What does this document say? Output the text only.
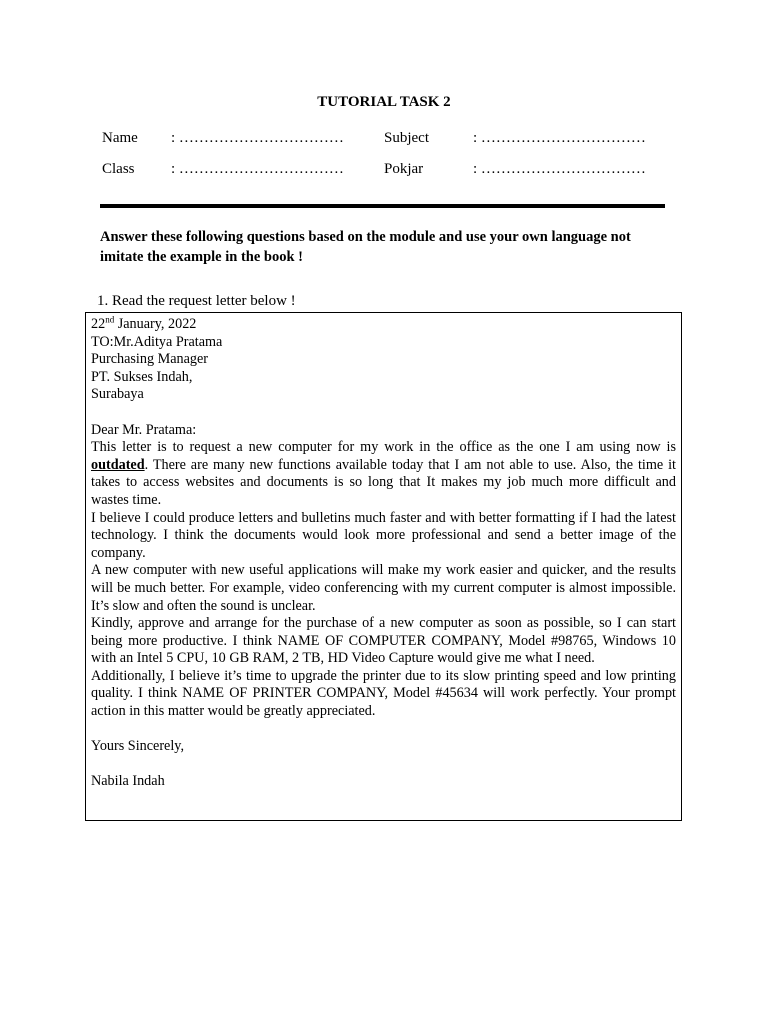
TUTORIAL TASK 2
Name : ……………………………	Subject	: ……………………………
Class : ……………………………	Pokjar	: ……………………………
Answer these following questions based on the module and use your own language not imitate the example in the book !
1. Read the request letter below !

22nd January, 2022

TO:Mr.Aditya Pratama

Purchasing Manager

PT. Sukses Indah,

Surabaya

Dear Mr. Pratama:

This letter is to request a new computer for my work in the office as the one I am using now is outdated. There are many new functions available today that I am not able to use. Also, the time it takes to access websites and documents is so long that It makes my job much more difficult and wastes time.

I believe I could produce letters and bulletins much faster and with better formatting if I had the latest technology. I think the documents would look more professional and send a better image of the company.

A new computer with new useful applications will make my work easier and quicker, and the results will be much better. For example, video conferencing with my current computer is almost impossible. It’s slow and often the sound is unclear.

Kindly, approve and arrange for the purchase of a new computer as soon as possible, so I can start being more productive. I think NAME OF COMPUTER COMPANY, Model #98765, Windows 10 with an Intel 5 CPU, 10 GB RAM, 2 TB, HD Video Capture would give me what I need.

Additionally, I believe it’s time to upgrade the printer due to its slow printing speed and low printing quality. I think NAME OF PRINTER COMPANY, Model #45634 will work perfectly. Your prompt action in this matter would be greatly appreciated.

Yours Sincerely,

Nabila Indah
